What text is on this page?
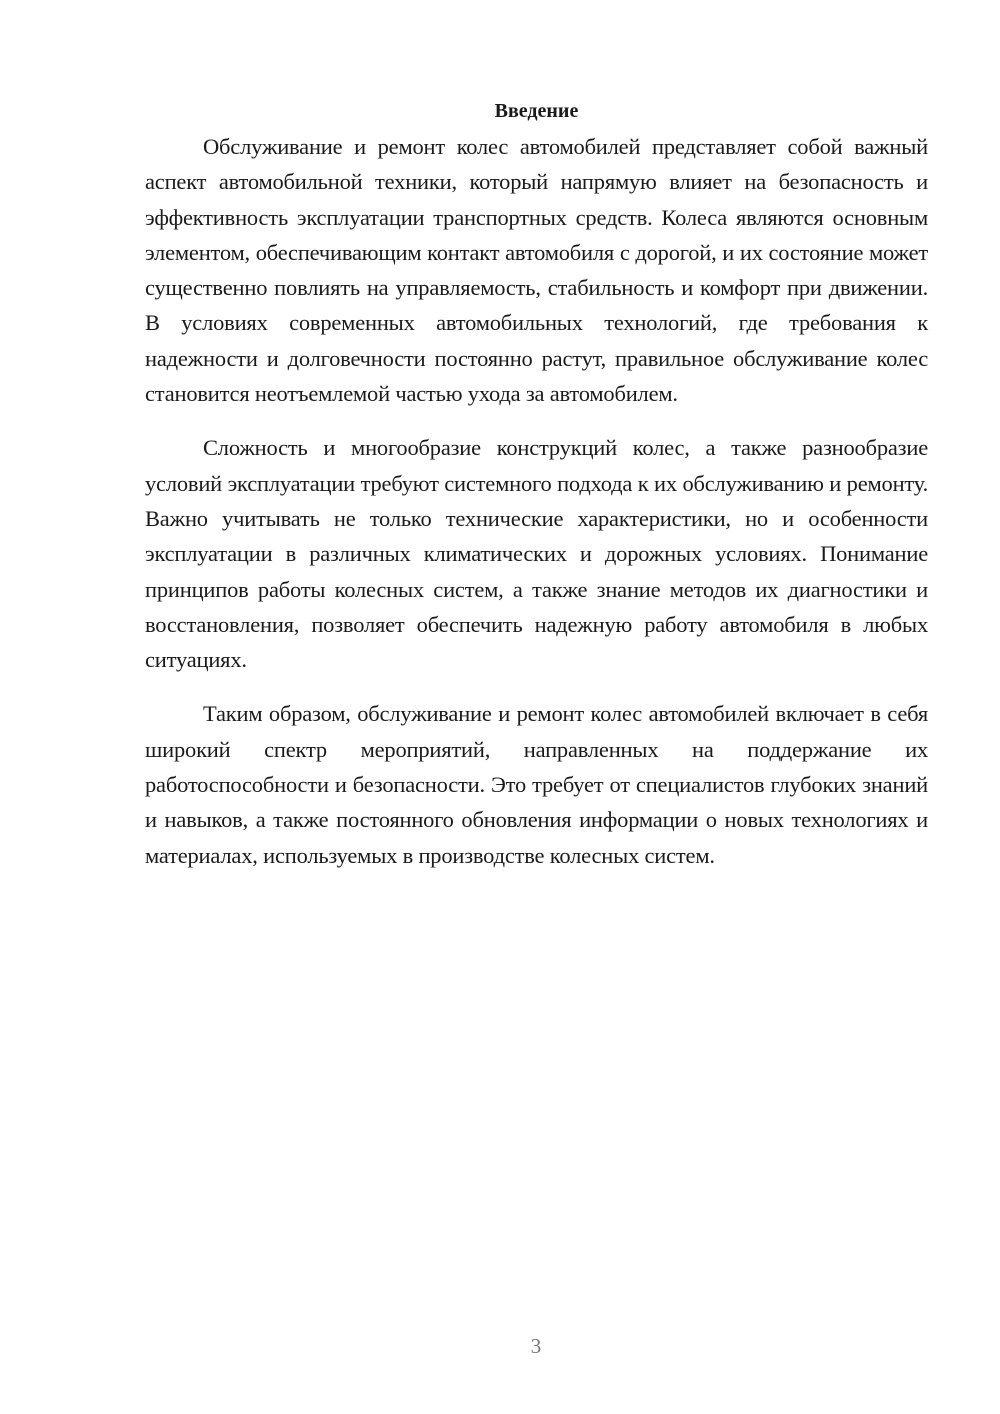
Введение

Обслуживание и ремонт колес автомобилей представляет собой важный аспект автомобильной техники, который напрямую влияет на безопасность и эффективность эксплуатации транспортных средств. Колеса являются основным элементом, обеспечивающим контакт автомобиля с дорогой, и их состояние может существенно повлиять на управляемость, стабильность и комфорт при движении. В условиях современных автомобильных технологий, где требования к надежности и долговечности постоянно растут, правильное обслуживание колес становится неотъемлемой частью ухода за автомобилем.

Сложность и многообразие конструкций колес, а также разнообразие условий эксплуатации требуют системного подхода к их обслуживанию и ремонту. Важно учитывать не только технические характеристики, но и особенности эксплуатации в различных климатических и дорожных условиях. Понимание принципов работы колесных систем, а также знание методов их диагностики и восстановления, позволяет обеспечить надежную работу автомобиля в любых ситуациях.

Таким образом, обслуживание и ремонт колес автомобилей включает в себя широкий спектр мероприятий, направленных на поддержание их работоспособности и безопасности. Это требует от специалистов глубоких знаний и навыков, а также постоянного обновления информации о новых технологиях и материалах, используемых в производстве колесных систем.

3
